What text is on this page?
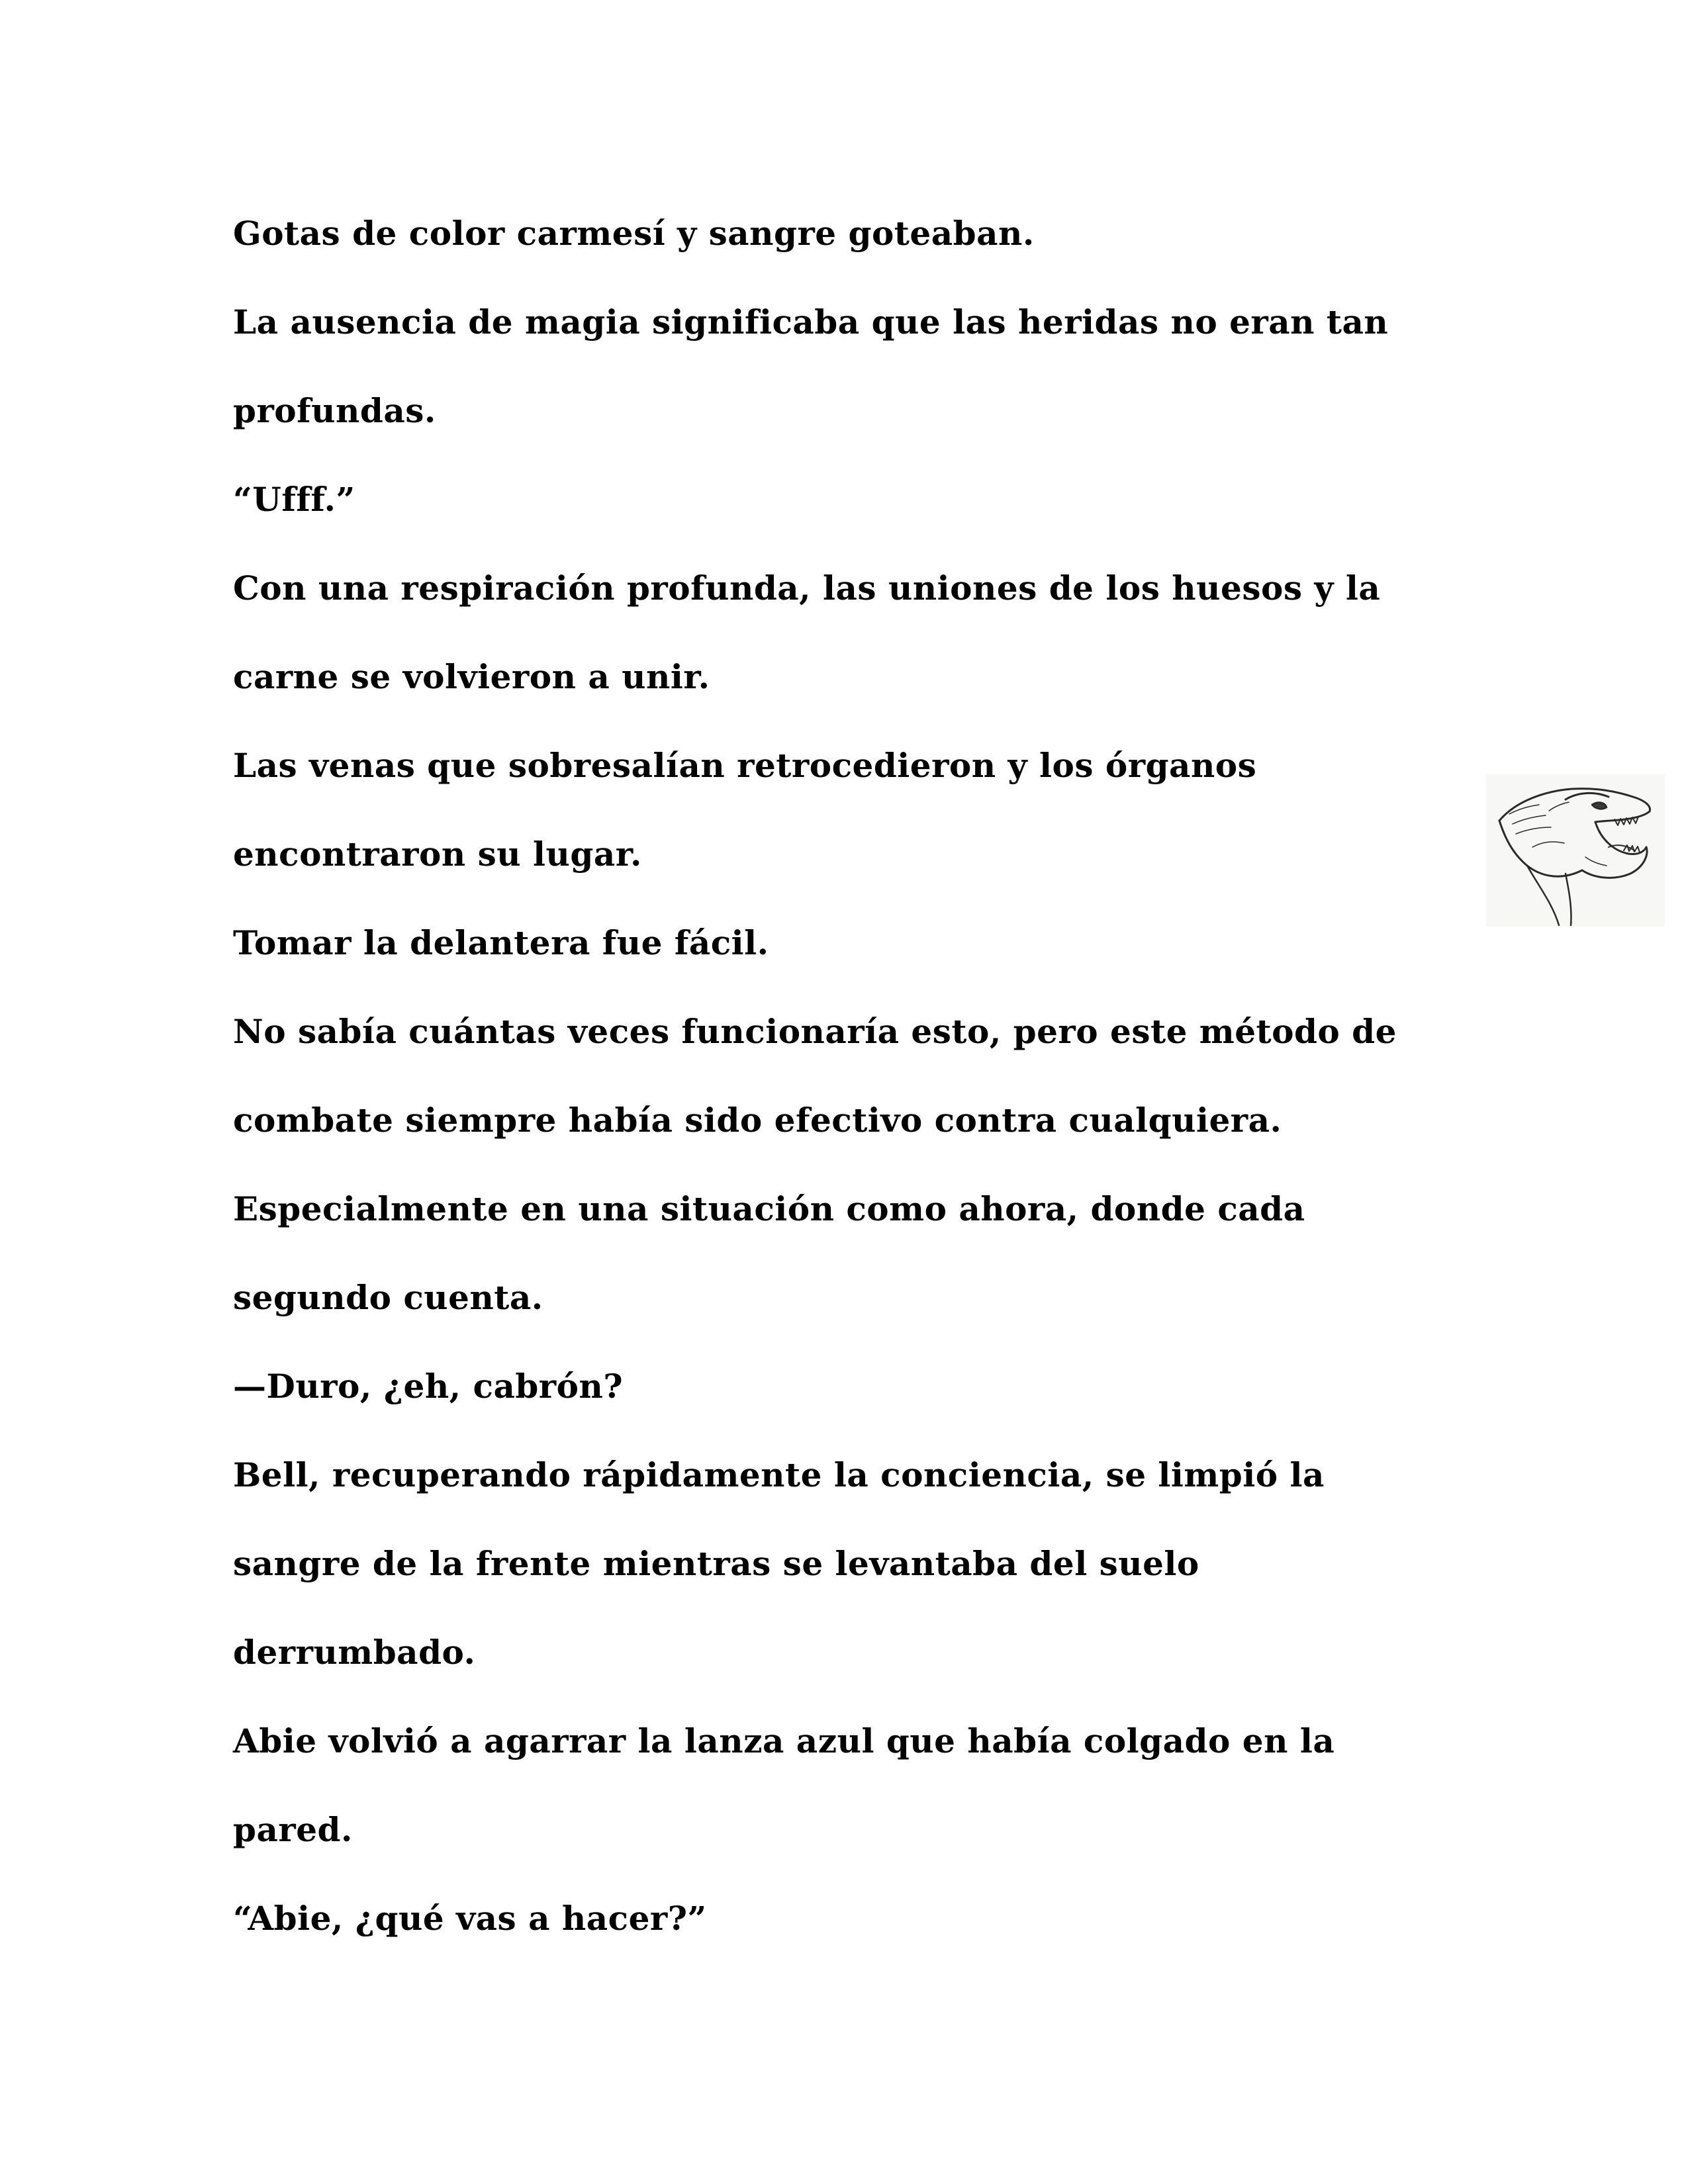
Gotas de color carmesí y sangre goteaban.
La ausencia de magia significaba que las heridas no eran tan
profundas.
“Ufff.”
Con una respiración profunda, las uniones de los huesos y la
carne se volvieron a unir.
Las venas que sobresalían retrocedieron y los órganos
encontraron su lugar.
Tomar la delantera fue fácil.
No sabía cuántas veces funcionaría esto, pero este método de
combate siempre había sido efectivo contra cualquiera.
Especialmente en una situación como ahora, donde cada
segundo cuenta.
—Duro, ¿eh, cabrón?
Bell, recuperando rápidamente la conciencia, se limpió la
sangre de la frente mientras se levantaba del suelo
derrumbado.
Abie volvió a agarrar la lanza azul que había colgado en la
pared.
“Abie, ¿qué vas a hacer?”
